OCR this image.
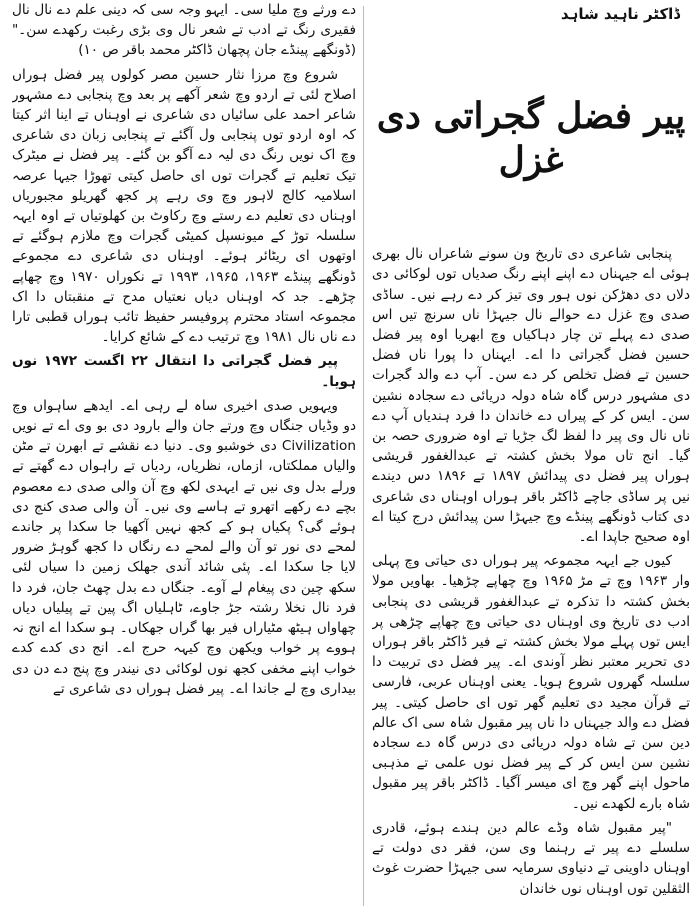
ڈاکٹر ناہید شاہد
پیر فضل گجراتی دی غزل

پنجابی شاعری دی تاریخ ون سونے شاعراں نال بھری ہوئی اے جیہناں دے اپنے اپنے رنگ صدیاں توں لوکائی دی دلاں دی دھڑکن نوں ہور وی تیز کر دے رہے نیں۔ ساڈی صدی وچ غزل دے حوالے نال جیہڑا ناں سرنچ تیں اس صدی دے پہلے تن چار دہاکیاں وچ ابھریا اوہ پیر فضل حسین فضل گجراتی دا اے۔ ایہناں دا پورا ناں فضل حسین تے فضل تخلص کر دے سن۔ آپ دے والد گجرات دی مشہور درس گاہ شاہ دولہ دریائی دے سجادہ نشین سن۔ ایس کر کے پیراں دے خاندان دا فرد ہندیاں آپ دے ناں نال وی پیر دا لفظ لگ جڑیا تے اوہ ضروری حصہ بن گیا۔ انج تاں مولا بخش کشتہ تے عبدالغفور قریشی ہوراں پیر فضل دی پیدائش ۱۸۹۷ تے ۱۸۹۶ دس دیندے نیں پر ساڈی جاچے ڈاکٹر باقر ہوراں اوہناں دی شاعری دی کتاب ڈونگھے پینڈے وچ جیہڑا سن پیدائش درج کیتا اے اوہ صحیح جاپدا اے۔

کیوں جے ایہہ مجموعہ پیر ہوراں دی حیاتی وچ پہلی وار ۱۹۶۳ وچ تے مڑ ۱۹۶۵ وچ چھاپے چڑھیا۔ بھاویں مولا بخش کشتہ دا تذکرہ تے عبدالغفور قریشی دی پنجابی ادب دی تاریخ وی اوہناں دی حیاتی وچ چھاپے چڑھی پر ایس توں پہلے مولا بخش کشتہ تے فیر ڈاکٹر باقر ہوراں دی تحریر معتبر نظر آوندی اے۔ پیر فضل دی تربیت دا سلسلہ گھروں شروع ہویا۔ یعنی اوہناں عربی، فارسی تے قرآن مجید دی تعلیم گھر توں ای حاصل کیتی۔ پیر فضل دے والد جیہناں دا ناں پیر مقبول شاہ سی اک عالم دین سن تے شاہ دولہ دریائی دی درس گاہ دے سجادہ نشین سن ایس کر کے پیر فضل نوں علمی تے مذہبی ماحول اپنے گھر وچ ای میسر آگیا۔ ڈاکٹر باقر پیر مقبول شاہ بارے لکھدے نیں۔

"پیر مقبول شاہ وڈے عالم دین ہندے ہوئے، قادری سلسلے دے پیر تے رہنما وی سن، فقر دی دولت تے اوہناں داوینی تے دنیاوی سرمایہ سی جیہڑا حضرت غوث الثقلین توں اوہناں نوں خاندان

دے ورثے وچ ملیا سی۔ ایہو وجہ سی کہ دینی علم دے نال نال فقیری رنگ تے ادب تے شعر نال وی بڑی رغبت رکھدے سن۔" (ڈونگھے پینڈے جان پچھان ڈاکٹر محمد باقر ص ۱۰)

شروع وچ مرزا نثار حسین مصر کولوں پیر فضل ہوراں اصلاح لئی تے اردو وچ شعر آکھے پر بعد وچ پنجابی دے مشہور شاعر احمد علی سائیاں دی شاعری نے اوہناں تے اینا اثر کیتا کہ اوہ اردو توں پنجابی ول آگئے تے پنجابی زبان دی شاعری وچ اک نویں رنگ دی لیہ دے آگو بن گئے۔ پیر فضل نے میٹرک تیک تعلیم تے گجرات توں ای حاصل کیتی تھوڑا جیہا عرصہ اسلامیہ کالج لاہور وچ وی رہے پر کجھ گھریلو مجبوریاں اوہناں دی تعلیم دے رستے وچ رکاوٹ بن کھلوتیاں تے اوہ ایہہ سلسلہ توڑ کے میونسپل کمیٹی گجرات وچ ملازم ہوگئے تے اوتھوں ای ریٹائر ہوئے۔ اوہناں دی شاعری دے مجموعے ڈونگھے پینڈے ۱۹۶۳، ۱۹۶۵، ۱۹۹۳ تے نکوراں ۱۹۷۰ وچ چھاپے چڑھے۔ جد کہ اوہناں دیاں نعتیاں مدح تے منقبتاں دا اک مجموعہ استاد محترم پروفیسر حفیظ تائب ہوراں قطبی تارا دے ناں نال ۱۹۸۱ وچ ترتیب دے کے شائع کرایا۔

پیر فضل گجراتی دا انتقال ۲۲ اگست ۱۹۷۲ نوں ہویا۔

ویہویں صدی اخیری ساہ لے رہی اے۔ ایدھے ساہواں وچ دو وڈیاں جنگاں وچ ورتے جان والے بارود دی بو وی اے تے نویں Civilization دی خوشبو وی۔ دنیا دے نقشے تے ابھرن تے مٹن والیاں مملکتاں، ازماں، نظریاں، ردیاں تے راہواں دے گھتے تے ورلے بدل وی نیں تے ایہدی لکھ وچ آن والی صدی دے معصوم بچے دے رکھے اتھرو تے ہاسے وی نیں۔ آن والی صدی کنج دی ہوئے گی؟ پکیاں ہو کے کجھ نہیں آکھیا جا سکدا پر جاندے لمحے دی نور تو آن والے لمحے دے رنگاں دا کجھ گوہڑ ضرور لایا جا سکدا اے۔ پئی شائد آندی جھلک زمین دا سیاں لئی سکھ چین دی پیغام لے آوے۔ جنگاں دے بدل چھٹ جان، فرد دا فرد نال نخلا رشتہ جڑ جاوے، ٹاہلیاں اگ پین تے پیلیاں دیاں چھاواں ہیٹھ مٹیاراں فیر بھا گراں جھکاں۔ ہو سکدا اے انج نہ ہووے پر خواب ویکھن وچ کیہہ حرج اے۔ انج دی کدے کدے خواب اپنے مخفی کجھ نوں لوکائی دی نیندر وچ پنج دے دن دی بیداری وچ لے جاندا اے۔ پیر فضل ہوراں دی شاعری تے
